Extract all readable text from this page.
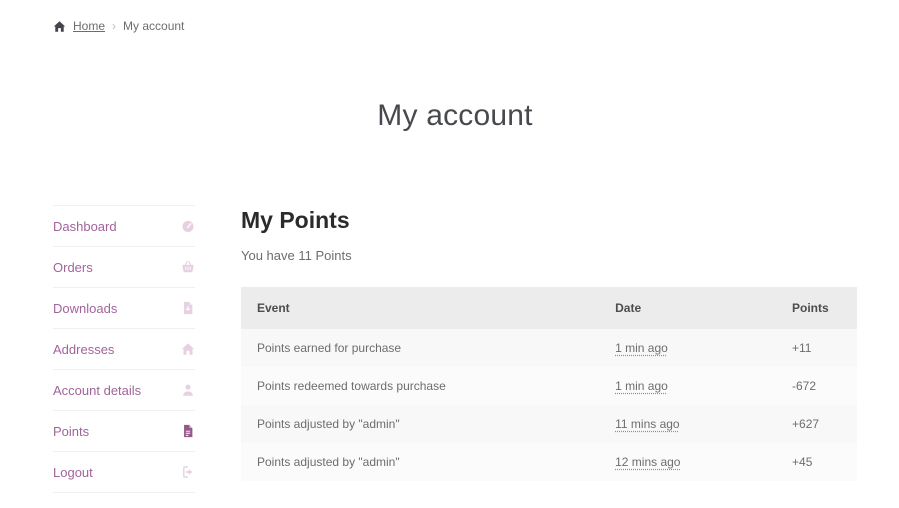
Home › My account
My account
Dashboard
Orders
Downloads
Addresses
Account details
Points
Logout
My Points

You have 11 Points

Event	Date	Points
Points earned for purchase	1 min ago	+11
Points redeemed towards purchase	1 min ago	-672
Points adjusted by "admin"	11 mins ago	+627
Points adjusted by "admin"	12 mins ago	+45
